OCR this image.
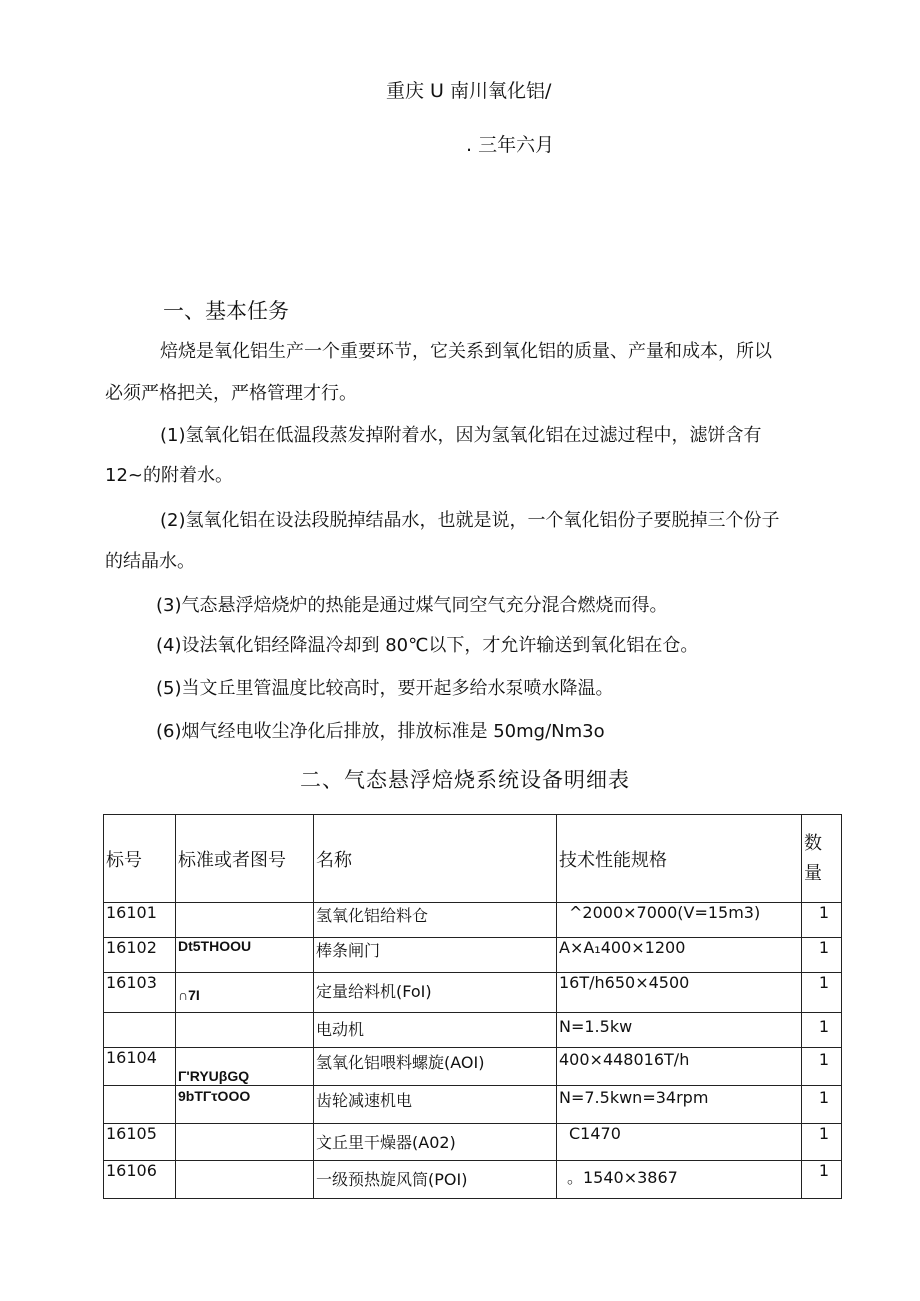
重庆 U 南川氧化铝/
. 三年六月
一、基本任务
焙烧是氧化铝生产一个重要环节，它关系到氧化铝的质量、产量和成本，所以
必须严格把关，严格管理才行。
(1)氢氧化铝在低温段蒸发掉附着水，因为氢氧化铝在过滤过程中，滤饼含有
12~的附着水。
(2)氢氧化铝在设法段脱掉结晶水，也就是说，一个氧化铝份子要脱掉三个份子
的结晶水。
(3)气态悬浮焙烧炉的热能是通过煤气同空气充分混合燃烧而得。
(4)设法氧化铝经降温冷却到 80℃以下，才允许输送到氧化铝在仓。
(5)当文丘里管温度比较高时，要开起多给水泵喷水降温。
(6)烟气经电收尘净化后排放，排放标准是 50mg∕Nm3o
二、气态悬浮焙烧系统设备明细表
标号	标准或者图号	名称	技术性能规格	数
量
16101		氢氧化铝给料仓	^2000×7000(V=15m3)	1
16102	Dt5THOOU	棒条闸门	A×A₁400×1200	1
16103	∩7I	定量给料机(FoI)	16T∕h650×4500	1
		电动机	N=1.5kw	1
16104	Γ'RYUβGQ	氢氧化铝喂料螺旋(AOI)	400×448016T∕h	1
	9bTΓτOOO	齿轮减速机电	N=7.5kwn=34rpm	1
16105		文丘里干燥器(A02)	C1470	1
16106		一级预热旋风筒(POI)	。1540×3867	1
